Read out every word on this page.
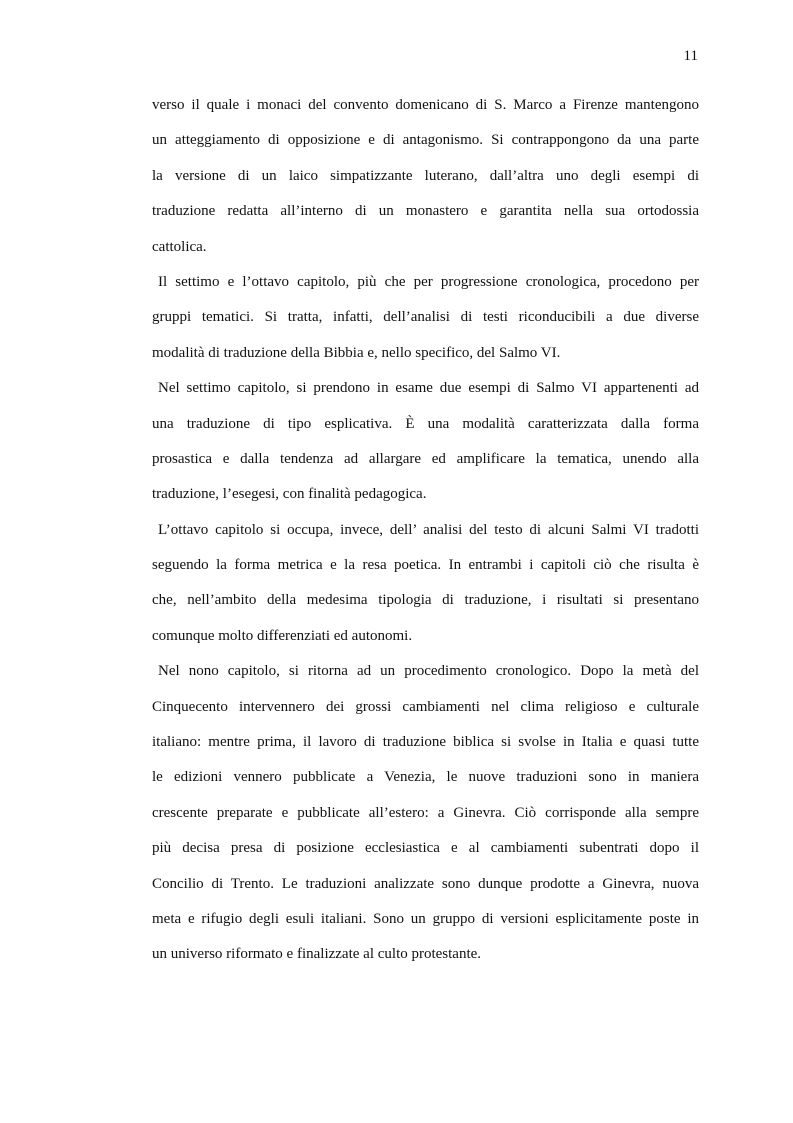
11
verso il quale i monaci del convento domenicano di S. Marco a Firenze mantengono
un atteggiamento di opposizione e di antagonismo. Si contrappongono da una parte
la versione di un laico simpatizzante luterano, dall’altra uno degli esempi di
traduzione redatta all’interno di un monastero e garantita nella sua ortodossia
cattolica.
Il settimo e l’ottavo capitolo, più che per progressione cronologica, procedono per
gruppi tematici. Si tratta, infatti, dell’analisi di testi riconducibili a due diverse
modalità di traduzione della Bibbia e, nello specifico, del Salmo VI.
Nel settimo capitolo, si prendono in esame due esempi di Salmo VI appartenenti ad
una traduzione di tipo esplicativa. È una modalità caratterizzata dalla forma
prosastica e dalla tendenza ad allargare ed amplificare la tematica, unendo alla
traduzione, l’esegesi, con finalità pedagogica.
L’ottavo capitolo si occupa, invece, dell’ analisi del testo di alcuni Salmi VI tradotti
seguendo la forma metrica e la resa poetica. In entrambi i capitoli ciò che risulta è
che, nell’ambito della medesima tipologia di traduzione, i risultati si presentano
comunque molto differenziati ed autonomi.
Nel nono capitolo, si ritorna ad un procedimento cronologico. Dopo la metà del
Cinquecento intervennero dei grossi cambiamenti nel clima religioso e culturale
italiano: mentre prima, il lavoro di traduzione biblica si svolse in Italia e quasi tutte
le edizioni vennero pubblicate a Venezia, le nuove traduzioni sono in maniera
crescente preparate e pubblicate all’estero: a Ginevra. Ciò corrisponde alla sempre
più decisa presa di posizione ecclesiastica e al cambiamenti subentrati dopo il
Concilio di Trento. Le traduzioni analizzate sono dunque prodotte a Ginevra, nuova
meta e rifugio degli esuli italiani. Sono un gruppo di versioni esplicitamente poste in
un universo riformato e finalizzate al culto protestante.
